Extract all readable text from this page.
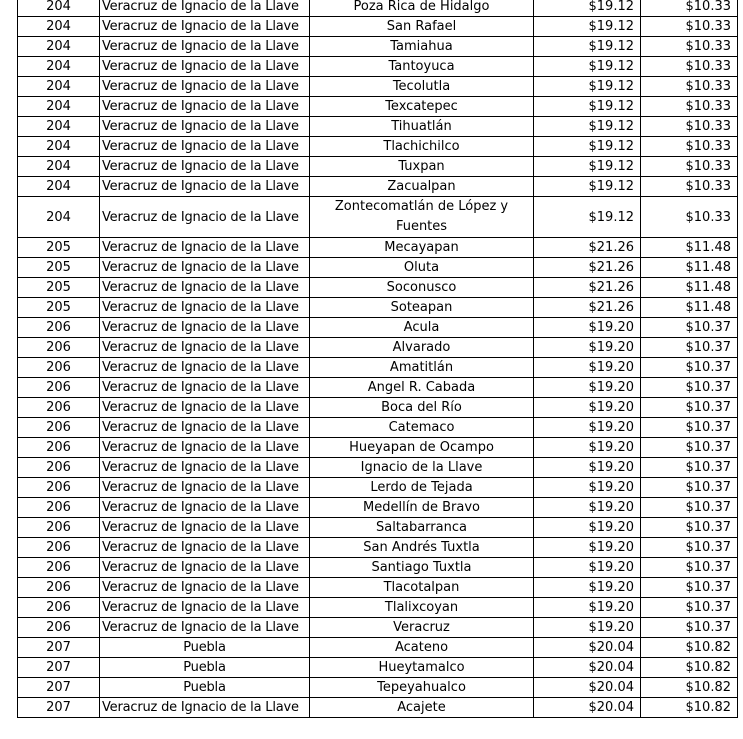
204	Veracruz de Ignacio de la Llave	Poza Rica de Hidalgo	$19.12	$10.33
204	Veracruz de Ignacio de la Llave	San Rafael	$19.12	$10.33
204	Veracruz de Ignacio de la Llave	Tamiahua	$19.12	$10.33
204	Veracruz de Ignacio de la Llave	Tantoyuca	$19.12	$10.33
204	Veracruz de Ignacio de la Llave	Tecolutla	$19.12	$10.33
204	Veracruz de Ignacio de la Llave	Texcatepec	$19.12	$10.33
204	Veracruz de Ignacio de la Llave	Tihuatlán	$19.12	$10.33
204	Veracruz de Ignacio de la Llave	Tlachichilco	$19.12	$10.33
204	Veracruz de Ignacio de la Llave	Tuxpan	$19.12	$10.33
204	Veracruz de Ignacio de la Llave	Zacualpan	$19.12	$10.33
204	Veracruz de Ignacio de la Llave	Zontecomatlán de López y Fuentes	$19.12	$10.33
205	Veracruz de Ignacio de la Llave	Mecayapan	$21.26	$11.48
205	Veracruz de Ignacio de la Llave	Oluta	$21.26	$11.48
205	Veracruz de Ignacio de la Llave	Soconusco	$21.26	$11.48
205	Veracruz de Ignacio de la Llave	Soteapan	$21.26	$11.48
206	Veracruz de Ignacio de la Llave	Acula	$19.20	$10.37
206	Veracruz de Ignacio de la Llave	Alvarado	$19.20	$10.37
206	Veracruz de Ignacio de la Llave	Amatitlán	$19.20	$10.37
206	Veracruz de Ignacio de la Llave	Angel R. Cabada	$19.20	$10.37
206	Veracruz de Ignacio de la Llave	Boca del Río	$19.20	$10.37
206	Veracruz de Ignacio de la Llave	Catemaco	$19.20	$10.37
206	Veracruz de Ignacio de la Llave	Hueyapan de Ocampo	$19.20	$10.37
206	Veracruz de Ignacio de la Llave	Ignacio de la Llave	$19.20	$10.37
206	Veracruz de Ignacio de la Llave	Lerdo de Tejada	$19.20	$10.37
206	Veracruz de Ignacio de la Llave	Medellín de Bravo	$19.20	$10.37
206	Veracruz de Ignacio de la Llave	Saltabarranca	$19.20	$10.37
206	Veracruz de Ignacio de la Llave	San Andrés Tuxtla	$19.20	$10.37
206	Veracruz de Ignacio de la Llave	Santiago Tuxtla	$19.20	$10.37
206	Veracruz de Ignacio de la Llave	Tlacotalpan	$19.20	$10.37
206	Veracruz de Ignacio de la Llave	Tlalixcoyan	$19.20	$10.37
206	Veracruz de Ignacio de la Llave	Veracruz	$19.20	$10.37
207	Puebla	Acateno	$20.04	$10.82
207	Puebla	Hueytamalco	$20.04	$10.82
207	Puebla	Tepeyahualco	$20.04	$10.82
207	Veracruz de Ignacio de la Llave	Acajete	$20.04	$10.82
